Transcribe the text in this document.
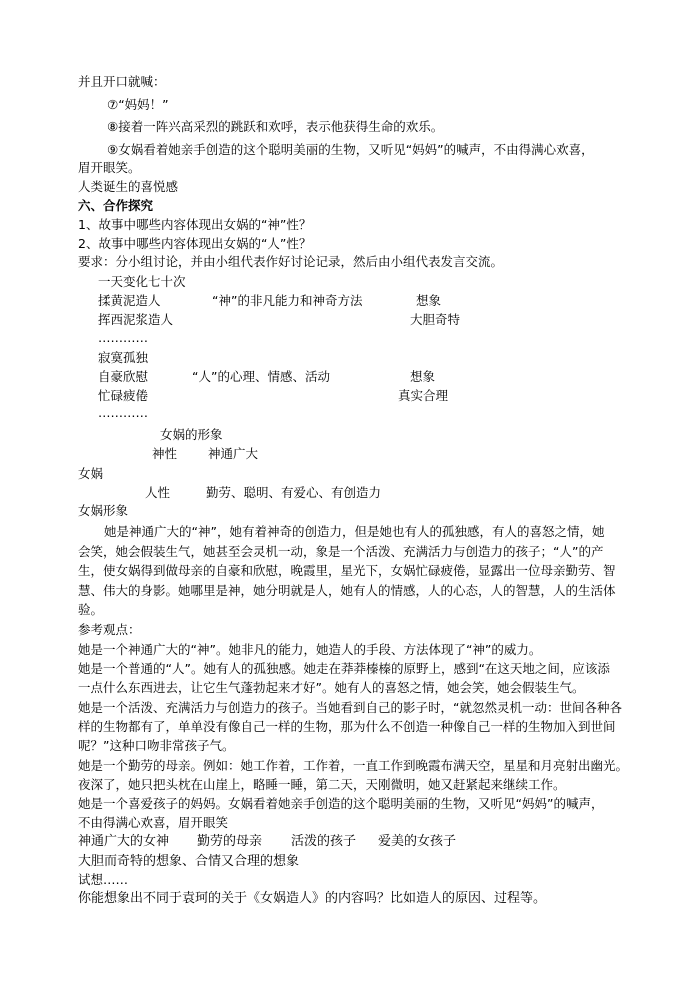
并且开口就喊：
⑦“妈妈！”
⑧接着一阵兴高采烈的跳跃和欢呼，表示他获得生命的欢乐。
⑨女娲看着她亲手创造的这个聪明美丽的生物，又听见“妈妈”的喊声，不由得满心欢喜，
眉开眼笑。
人类诞生的喜悦感
六、合作探究
1、故事中哪些内容体现出女娲的“神”性？
2、故事中哪些内容体现出女娲的“人”性？
要求：分小组讨论，并由小组代表作好讨论记录，然后由小组代表发言交流。
一天变化七十次
揉黄泥造人	“神”的非凡能力和神奇方法	想象
挥西泥浆造人	大胆奇特
…………
寂寞孤独
自豪欣慰	“人”的心理、情感、活动	想象
忙碌疲倦	真实合理
…………
女娲的形象
神性 神通广大
女娲
人性	勤劳、聪明、有爱心、有创造力
女娲形象
她是神通广大的“神”，她有着神奇的创造力，但是她也有人的孤独感，有人的喜怒之情，她
会笑，她会假装生气，她甚至会灵机一动，象是一个活泼、充满活力与创造力的孩子；“人”的产
生，使女娲得到做母亲的自豪和欣慰，晚霞里，星光下，女娲忙碌疲倦，显露出一位母亲勤劳、智
慧、伟大的身影。她哪里是神，她分明就是人，她有人的情感，人的心态，人的智慧，人的生活体
验。
参考观点：
她是一个神通广大的“神”。她非凡的能力，她造人的手段、方法体现了“神”的威力。
她是一个普通的“人”。她有人的孤独感。她走在莽莽榛榛的原野上，感到“在这天地之间，应该添
一点什么东西进去，让它生气蓬勃起来才好”。她有人的喜怒之情，她会笑，她会假装生气。
她是一个活泼、充满活力与创造力的孩子。当她看到自己的影子时，“就忽然灵机一动：世间各种各
样的生物都有了，单单没有像自己一样的生物，那为什么不创造一种像自己一样的生物加入到世间
呢？”这种口吻非常孩子气。
她是一个勤劳的母亲。例如：她工作着，工作着，一直工作到晚霞布满天空，星星和月亮射出幽光。
夜深了，她只把头枕在山崖上，略睡一睡，第二天，天刚微明，她又赶紧起来继续工作。
她是一个喜爱孩子的妈妈。女娲看着她亲手创造的这个聪明美丽的生物，又听见“妈妈”的喊声，
不由得满心欢喜，眉开眼笑
神通广大的女神 勤劳的母亲 活泼的孩子 爱美的女孩子
大胆而奇特的想象、合情又合理的想象
试想……
你能想象出不同于袁珂的关于《女娲造人》的内容吗？比如造人的原因、过程等。
